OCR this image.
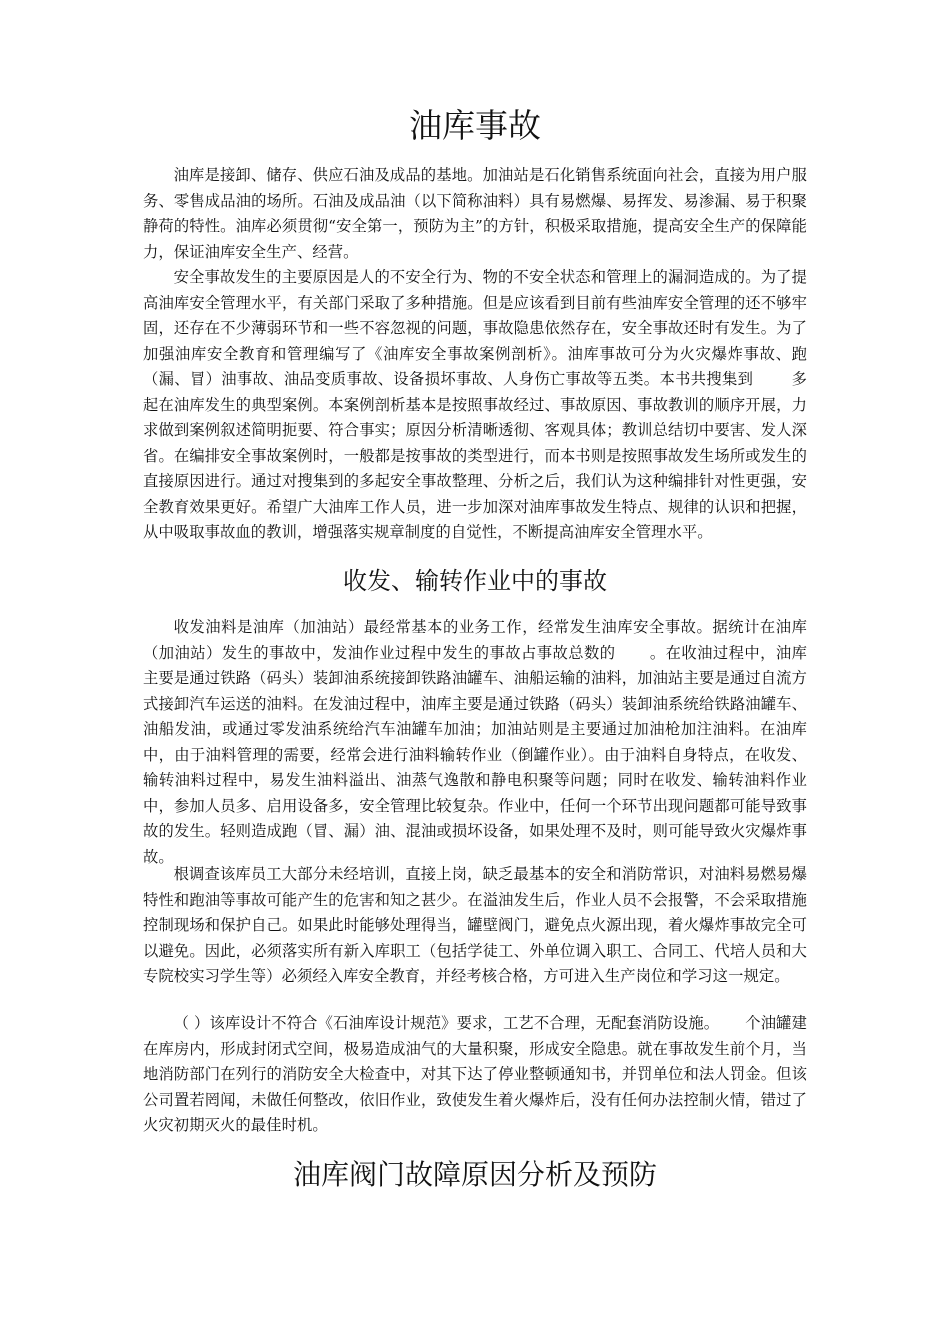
油库事故

油库是接卸、储存、供应石油及成品的基地。加油站是石化销售系统面向社会，直接为用户服务、零售成品油的场所。石油及成品油（以下简称油料）具有易燃爆、易挥发、易渗漏、易于积聚静荷的特性。油库必须贯彻“安全第一，预防为主”的方针，积极采取措施，提高安全生产的保障能力，保证油库安全生产、经营。

安全事故发生的主要原因是人的不安全行为、物的不安全状态和管理上的漏洞造成的。为了提高油库安全管理水平，有关部门采取了多种措施。但是应该看到目前有些油库安全管理的还不够牢固，还存在不少薄弱环节和一些不容忽视的问题，事故隐患依然存在，安全事故还时有发生。为了加强油库安全教育和管理编写了《油库安全事故案例剖析》。油库事故可分为火灾爆炸事故、跑（漏、冒）油事故、油品变质事故、设备损坏事故、人身伤亡事故等五类。本书共搜集到 多起在油库发生的典型案例。本案例剖析基本是按照事故经过、事故原因、事故教训的顺序开展，力求做到案例叙述简明扼要、符合事实；原因分析清晰透彻、客观具体；教训总结切中要害、发人深省。在编排安全事故案例时，一般都是按事故的类型进行，而本书则是按照事故发生场所或发生的直接原因进行。通过对搜集到的多起安全事故整理、分析之后，我们认为这种编排针对性更强，安全教育效果更好。希望广大油库工作人员，进一步加深对油库事故发生特点、规律的认识和把握，从中吸取事故血的教训，增强落实规章制度的自觉性，不断提高油库安全管理水平。

收发、输转作业中的事故

收发油料是油库（加油站）最经常基本的业务工作，经常发生油库安全事故。据统计在油库（加油站）发生的事故中，发油作业过程中发生的事故占事故总数的 。在收油过程中，油库主要是通过铁路（码头）装卸油系统接卸铁路油罐车、油船运输的油料，加油站主要是通过自流方式接卸汽车运送的油料。在发油过程中，油库主要是通过铁路（码头）装卸油系统给铁路油罐车、油船发油，或通过零发油系统给汽车油罐车加油；加油站则是主要通过加油枪加注油料。在油库中，由于油料管理的需要，经常会进行油料输转作业（倒罐作业）。由于油料自身特点，在收发、输转油料过程中，易发生油料溢出、油蒸气逸散和静电积聚等问题；同时在收发、输转油料作业中，参加人员多、启用设备多，安全管理比较复杂。作业中，任何一个环节出现问题都可能导致事故的发生。轻则造成跑（冒、漏）油、混油或损坏设备，如果处理不及时，则可能导致火灾爆炸事故。

根调查该库员工大部分未经培训，直接上岗，缺乏最基本的安全和消防常识，对油料易燃易爆特性和跑油等事故可能产生的危害和知之甚少。在溢油发生后，作业人员不会报警，不会采取措施控制现场和保护自己。如果此时能够处理得当，罐壁阀门，避免点火源出现，着火爆炸事故完全可以避免。因此，必须落实所有新入库职工（包括学徒工、外单位调入职工、合同工、代培人员和大专院校实习学生等）必须经入库安全教育，并经考核合格，方可进入生产岗位和学习这一规定。

（ ）该库设计不符合《石油库设计规范》要求，工艺不合理，无配套消防设施。 个油罐建在库房内，形成封闭式空间，极易造成油气的大量积聚，形成安全隐患。就在事故发生前个月，当地消防部门在列行的消防安全大检查中，对其下达了停业整顿通知书，并罚单位和法人罚金。但该公司置若罔闻，未做任何整改，依旧作业，致使发生着火爆炸后，没有任何办法控制火情，错过了火灾初期灭火的最佳时机。

油库阀门故障原因分析及预防
